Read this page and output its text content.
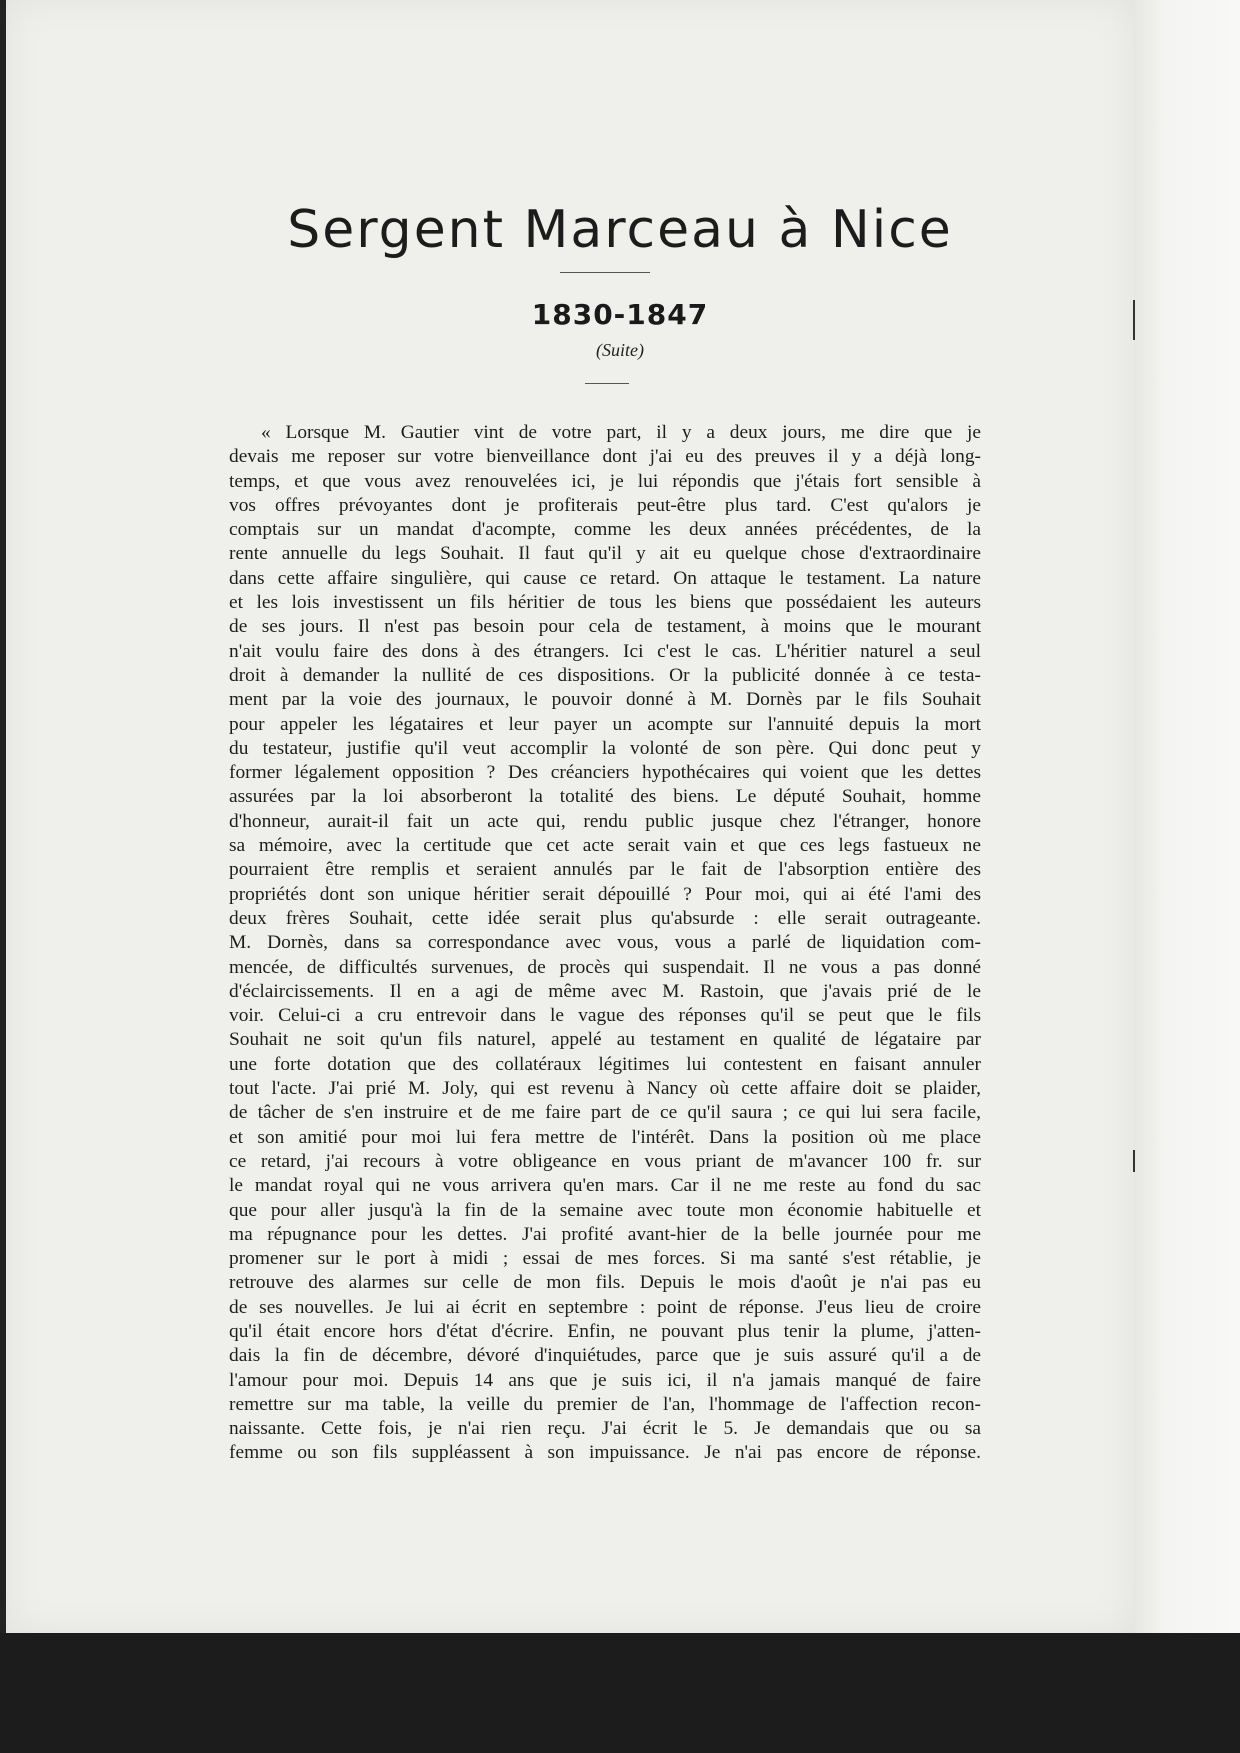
Sergent Marceau à Nice
1830-1847
(Suite)
« Lorsque M. Gautier vint de votre part, il y a deux jours, me dire que je
devais me reposer sur votre bienveillance dont j'ai eu des preuves il y a déjà long-
temps, et que vous avez renouvelées ici, je lui répondis que j'étais fort sensible à
vos offres prévoyantes dont je profiterais peut-être plus tard. C'est qu'alors je
comptais sur un mandat d'acompte, comme les deux années précédentes, de la
rente annuelle du legs Souhait. Il faut qu'il y ait eu quelque chose d'extraordinaire
dans cette affaire singulière, qui cause ce retard. On attaque le testament. La nature
et les lois investissent un fils héritier de tous les biens que possédaient les auteurs
de ses jours. Il n'est pas besoin pour cela de testament, à moins que le mourant
n'ait voulu faire des dons à des étrangers. Ici c'est le cas. L'héritier naturel a seul
droit à demander la nullité de ces dispositions. Or la publicité donnée à ce testa-
ment par la voie des journaux, le pouvoir donné à M. Dornès par le fils Souhait
pour appeler les légataires et leur payer un acompte sur l'annuité depuis la mort
du testateur, justifie qu'il veut accomplir la volonté de son père. Qui donc peut y
former légalement opposition ? Des créanciers hypothécaires qui voient que les dettes
assurées par la loi absorberont la totalité des biens. Le député Souhait, homme
d'honneur, aurait-il fait un acte qui, rendu public jusque chez l'étranger, honore
sa mémoire, avec la certitude que cet acte serait vain et que ces legs fastueux ne
pourraient être remplis et seraient annulés par le fait de l'absorption entière des
propriétés dont son unique héritier serait dépouillé ? Pour moi, qui ai été l'ami des
deux frères Souhait, cette idée serait plus qu'absurde : elle serait outrageante.
M. Dornès, dans sa correspondance avec vous, vous a parlé de liquidation com-
mencée, de difficultés survenues, de procès qui suspendait. Il ne vous a pas donné
d'éclaircissements. Il en a agi de même avec M. Rastoin, que j'avais prié de le
voir. Celui-ci a cru entrevoir dans le vague des réponses qu'il se peut que le fils
Souhait ne soit qu'un fils naturel, appelé au testament en qualité de légataire par
une forte dotation que des collatéraux légitimes lui contestent en faisant annuler
tout l'acte. J'ai prié M. Joly, qui est revenu à Nancy où cette affaire doit se plaider,
de tâcher de s'en instruire et de me faire part de ce qu'il saura ; ce qui lui sera facile,
et son amitié pour moi lui fera mettre de l'intérêt. Dans la position où me place
ce retard, j'ai recours à votre obligeance en vous priant de m'avancer 100 fr. sur
le mandat royal qui ne vous arrivera qu'en mars. Car il ne me reste au fond du sac
que pour aller jusqu'à la fin de la semaine avec toute mon économie habituelle et
ma répugnance pour les dettes. J'ai profité avant-hier de la belle journée pour me
promener sur le port à midi ; essai de mes forces. Si ma santé s'est rétablie, je
retrouve des alarmes sur celle de mon fils. Depuis le mois d'août je n'ai pas eu
de ses nouvelles. Je lui ai écrit en septembre : point de réponse. J'eus lieu de croire
qu'il était encore hors d'état d'écrire. Enfin, ne pouvant plus tenir la plume, j'atten-
dais la fin de décembre, dévoré d'inquiétudes, parce que je suis assuré qu'il a de
l'amour pour moi. Depuis 14 ans que je suis ici, il n'a jamais manqué de faire
remettre sur ma table, la veille du premier de l'an, l'hommage de l'affection recon-
naissante. Cette fois, je n'ai rien reçu. J'ai écrit le 5. Je demandais que ou sa
femme ou son fils suppléassent à son impuissance. Je n'ai pas encore de réponse.
